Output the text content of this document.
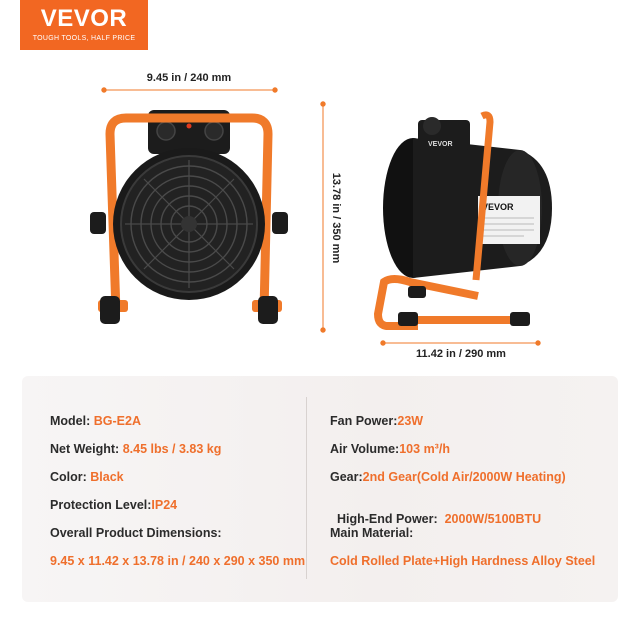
VEVOR
TOUGH TOOLS, HALF PRICE
9.45 in / 240 mm
13.78 in / 350 mm
11.42 in / 290 mm
VEVOR
VEVOR
Model: BG-E2A
Net Weight: 8.45 lbs / 3.83 kg
Color: Black
Protection Level:IP24
Overall Product Dimensions:
9.45 x 11.42 x 13.78 in / 240 x 290 x 350 mm
Fan Power:23W
Air Volume:103 m³/h
Gear:2nd Gear(Cold Air/2000W Heating)

High-End Power:  2000W/5100BTU

Main Material:
Cold Rolled Plate+High Hardness Alloy Steel
